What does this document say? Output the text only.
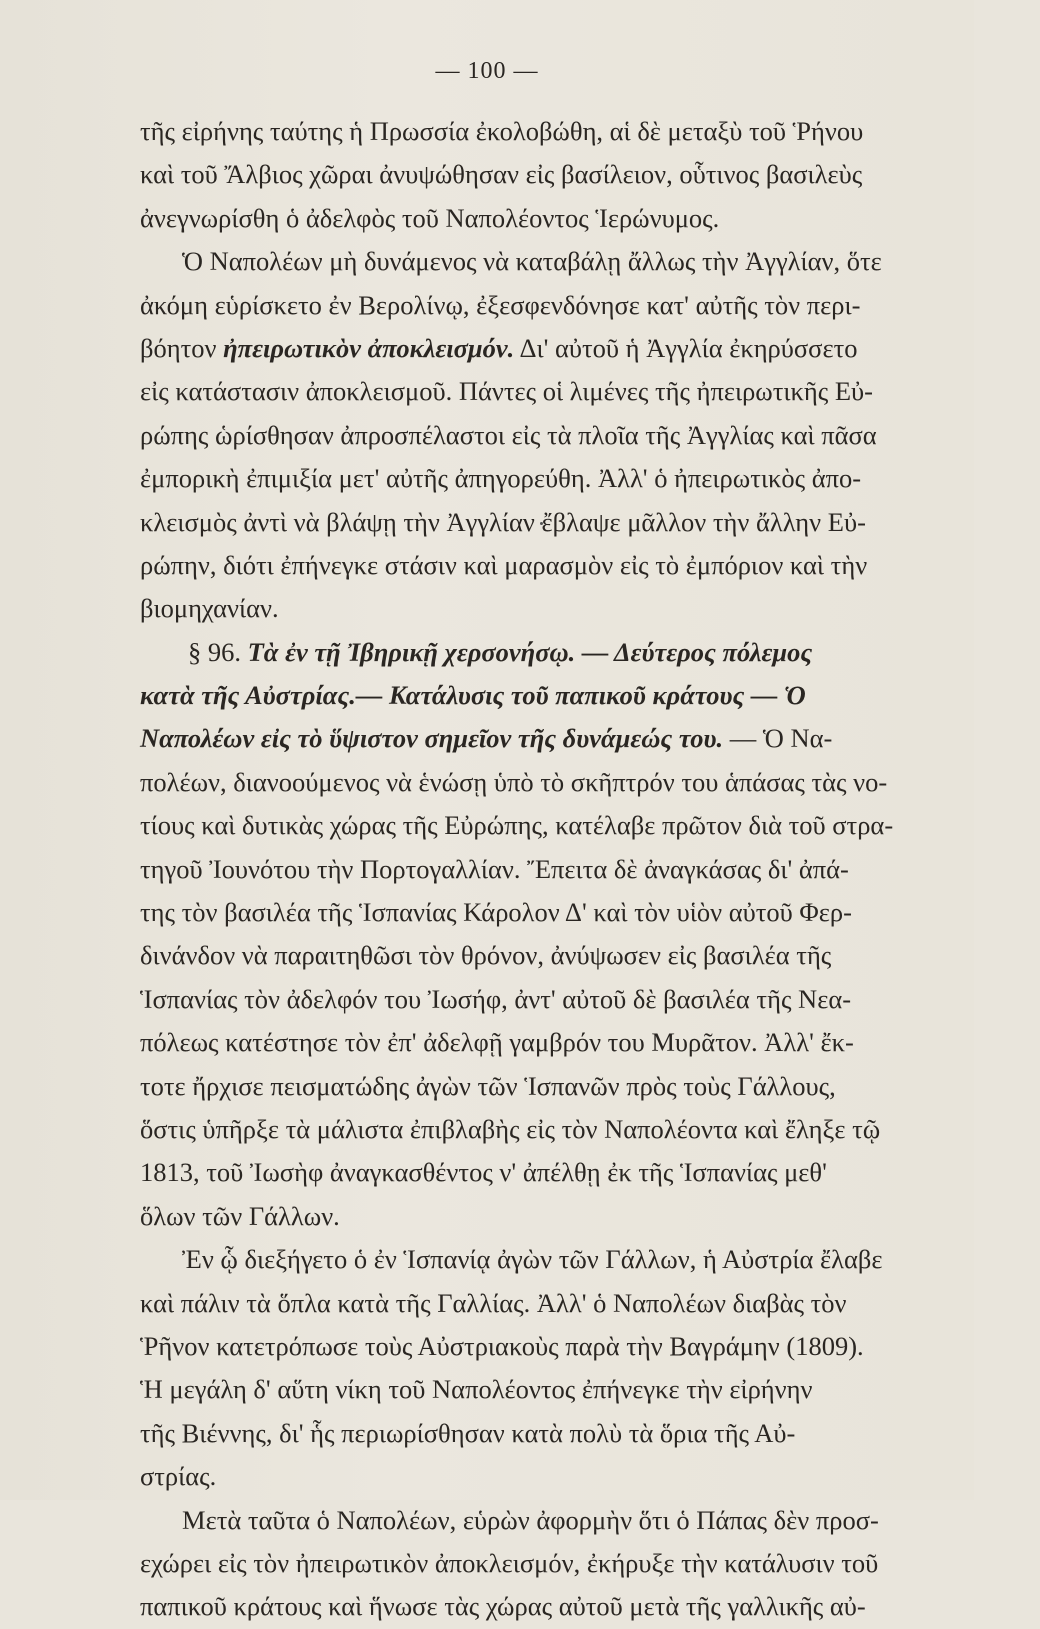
— 100 —
τῆς εἰρήνης ταύτης ἡ Πρωσσία ἐκολοβώθη, αἱ δὲ μεταξὺ τοῦ Ῥήνου
καὶ τοῦ Ἄλβιος χῶραι ἀνυψώθησαν εἰς βασίλειον, οὗτινος βασιλεὺς
ἀνεγνωρίσθη ὁ ἀδελφὸς τοῦ Ναπολέοντος Ἱερώνυμος.
Ὁ Ναπολέων μὴ δυνάμενος νὰ καταβάλῃ ἄλλως τὴν Ἀγγλίαν, ὅτε
ἀκόμη εὑρίσκετο ἐν Βερολίνῳ, ἐξεσφενδόνησε κατ' αὐτῆς τὸν περι-
βόητον ἠπειρωτικὸν ἀποκλεισμόν. Δι' αὐτοῦ ἡ Ἀγγλία ἐκηρύσσετο
εἰς κατάστασιν ἀποκλεισμοῦ. Πάντες οἱ λιμένες τῆς ἠπειρωτικῆς Εὐ-
ρώπης ὡρίσθησαν ἀπροσπέλαστοι εἰς τὰ πλοῖα τῆς Ἀγγλίας καὶ πᾶσα
ἐμπορικὴ ἐπιμιξία μετ' αὐτῆς ἀπηγορεύθη. Ἀλλ' ὁ ἠπειρωτικὸς ἀπο-
κλεισμὸς ἀντὶ νὰ βλάψῃ τὴν Ἀγγλίαν ἔβλαψε μᾶλλον τὴν ἄλλην Εὐ-
ρώπην, διότι ἐπήνεγκε στάσιν καὶ μαρασμὸν εἰς τὸ ἐμπόριον καὶ τὴν
βιομηχανίαν.
§ 96. Τὰ ἐν τῇ Ἰβηρικῇ χερσονήσῳ. — Δεύτερος πόλεμος
κατὰ τῆς Αὐστρίας.— Κατάλυσις τοῦ παπικοῦ κράτους — Ὁ
Ναπολέων εἰς τὸ ὕψιστον σημεῖον τῆς δυνάμεώς του. — Ὁ Να-
πολέων, διανοούμενος νὰ ἑνώσῃ ὑπὸ τὸ σκῆπτρόν του ἁπάσας τὰς νο-
τίους καὶ δυτικὰς χώρας τῆς Εὐρώπης, κατέλαβε πρῶτον διὰ τοῦ στρα-
τηγοῦ Ἰουνότου τὴν Πορτογαλλίαν. Ἔπειτα δὲ ἀναγκάσας δι' ἀπά-
της τὸν βασιλέα τῆς Ἱσπανίας Κάρολον Δ' καὶ τὸν υἱὸν αὐτοῦ Φερ-
δινάνδον νὰ παραιτηθῶσι τὸν θρόνον, ἀνύψωσεν εἰς βασιλέα τῆς
Ἱσπανίας τὸν ἀδελφόν του Ἰωσήφ, ἀντ' αὐτοῦ δὲ βασιλέα τῆς Νεα-
πόλεως κατέστησε τὸν ἐπ' ἀδελφῇ γαμβρόν του Μυρᾶτον. Ἀλλ' ἔκ-
τοτε ἤρχισε πεισματώδης ἀγὼν τῶν Ἱσπανῶν πρὸς τοὺς Γάλλους,
ὅστις ὑπῆρξε τὰ μάλιστα ἐπιβλαβὴς εἰς τὸν Ναπολέοντα καὶ ἔληξε τῷ
1813, τοῦ Ἰωσὴφ ἀναγκασθέντος ν' ἀπέλθῃ ἐκ τῆς Ἱσπανίας μεθ'
ὅλων τῶν Γάλλων.
Ἐν ᾧ διεξήγετο ὁ ἐν Ἱσπανίᾳ ἀγὼν τῶν Γάλλων, ἡ Αὐστρία ἔλαβε
καὶ πάλιν τὰ ὅπλα κατὰ τῆς Γαλλίας. Ἀλλ' ὁ Ναπολέων διαβὰς τὸν
Ῥῆνον κατετρόπωσε τοὺς Αὐστριακοὺς παρὰ τὴν Βαγράμην (1809).
Ἡ μεγάλη δ' αὕτη νίκη τοῦ Ναπολέοντος ἐπήνεγκε τὴν εἰρήνην
τῆς Βιέννης, δι' ἧς περιωρίσθησαν κατὰ πολὺ τὰ ὅρια τῆς Αὐ-
στρίας.
Μετὰ ταῦτα ὁ Ναπολέων, εὑρὼν ἀφορμὴν ὅτι ὁ Πάπας δὲν προσ-
εχώρει εἰς τὸν ἠπειρωτικὸν ἀποκλεισμόν, ἐκήρυξε τὴν κατάλυσιν τοῦ
παπικοῦ κράτους καὶ ἥνωσε τὰς χώρας αὐτοῦ μετὰ τῆς γαλλικῆς αὐ-
